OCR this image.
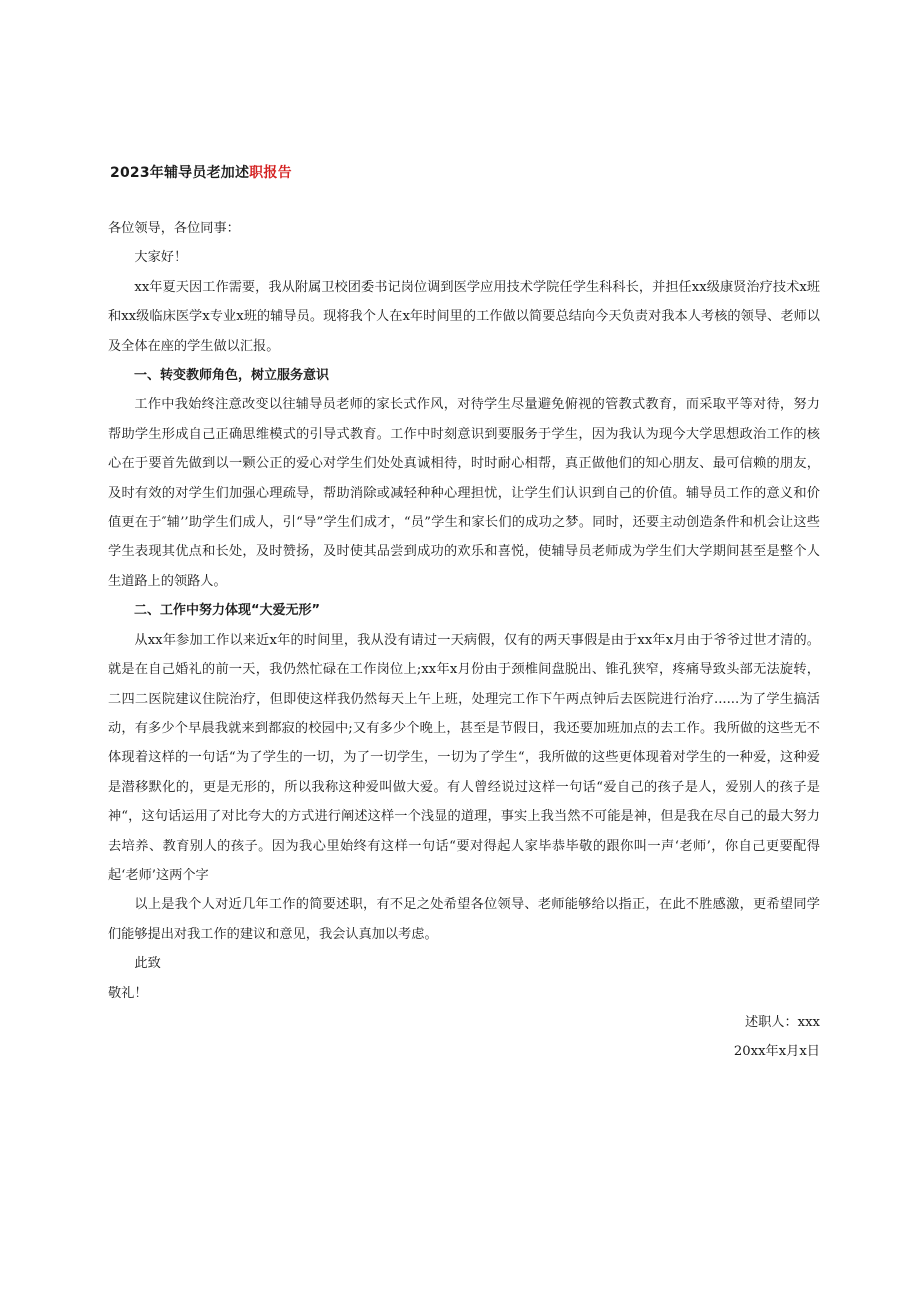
2023年辅导员老加述职报告

各位领导，各位同事：

大家好！

xx年夏天因工作需要，我从附属卫校团委书记岗位调到医学应用技术学院任学生科科长，并担任xx级康贤治疗技术x班和xx级临床医学x专业x班的辅导员。现将我个人在x年时间里的工作做以简要总结向今天负责对我本人考核的领导、老师以及全体在座的学生做以汇报。

一、转变教师角色，树立服务意识

工作中我始终注意改变以往辅导员老师的家长式作风，对待学生尽量避免俯视的管教式教育，而采取平等对待，努力帮助学生形成自己正确思维模式的引导式教育。工作中时刻意识到要服务于学生，因为我认为现今大学思想政治工作的核心在于要首先做到以一颗公正的爱心对学生们处处真诚相待，时时耐心相帮，真正做他们的知心朋友、最可信赖的朋友，及时有效的对学生们加强心理疏导，帮助消除或减轻种种心理担忧，让学生们认识到自己的价值。辅导员工作的意义和价值更在于″辅’’助学生们成人，引“导”学生们成才，“员”学生和家长们的成功之梦。同时，还要主动创造条件和机会让这些学生表现其优点和长处，及时赞扬，及时使其品尝到成功的欢乐和喜悦，使辅导员老师成为学生们大学期间甚至是整个人生道路上的领路人。

二、工作中努力体现“大爱无形”

从xx年参加工作以来近x年的时间里，我从没有请过一天病假，仅有的两天事假是由于xx年x月由于爷爷过世才清的。就是在自己婚礼的前一天，我仍然忙碌在工作岗位上;xx年x月份由于颈椎间盘脱出、锥孔狭窄，疼痛导致头部无法旋转，二四二医院建议住院治疗，但即使这样我仍然每天上午上班，处理完工作下午两点钟后去医院进行治疗......为了学生搞活动，有多少个早晨我就来到都寂的校园中;又有多少个晚上，甚至是节假日，我还要加班加点的去工作。我所做的这些无不体现着这样的一句话“为了学生的一切，为了一切学生，一切为了学生“，我所做的这些更体现着对学生的一种爱，这种爱是潜移默化的，更是无形的，所以我称这种爱叫做大爱。有人曾经说过这样一句话“爱自己的孩子是人，爱别人的孩子是神“，这句话运用了对比夸大的方式进行阐述这样一个浅显的道理，事实上我当然不可能是神，但是我在尽自己的最大努力去培养、教育别人的孩子。因为我心里始终有这样一句话“要对得起人家毕恭毕敬的跟你叫一声‘老师’，你自己更要配得起‘老师’这两个字

以上是我个人对近几年工作的简要述职，有不足之处希望各位领导、老师能够给以指正，在此不胜感激，更希望同学们能够提出对我工作的建议和意见，我会认真加以考虑。

此致

敬礼！

述职人：xxx

20xx年x月x日
